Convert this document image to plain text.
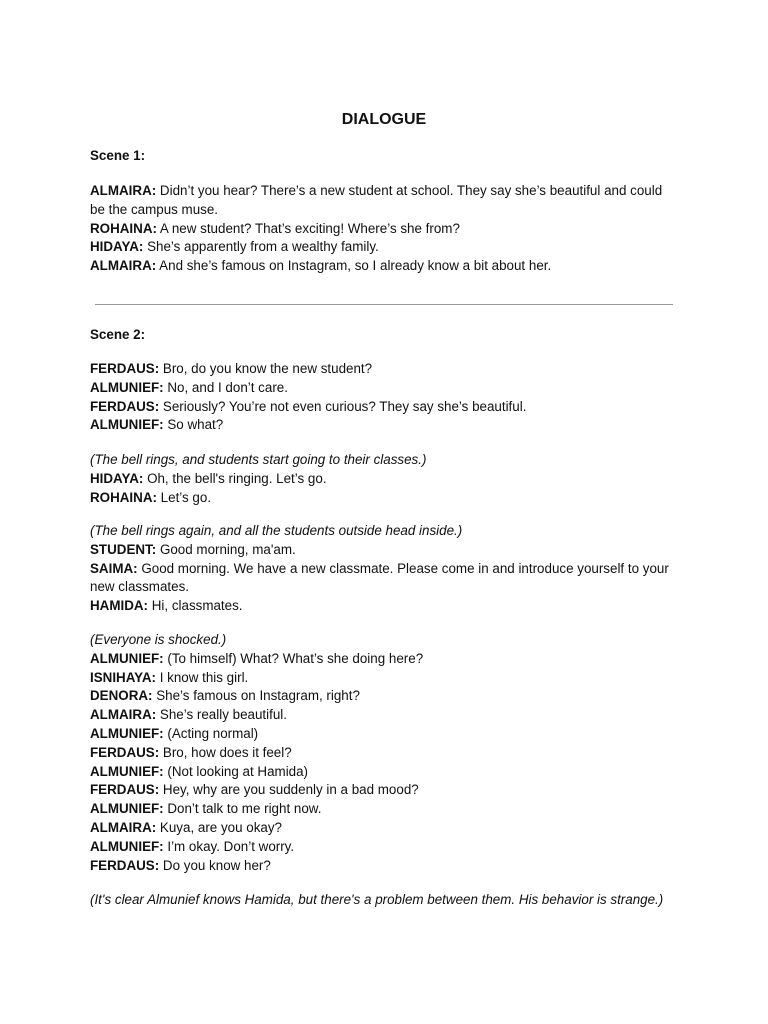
DIALOGUE

Scene 1:

ALMAIRA: Didn’t you hear? There’s a new student at school. They say she’s beautiful and could be the campus muse.

ROHAINA: A new student? That’s exciting! Where’s she from?

HIDAYA: She’s apparently from a wealthy family.

ALMAIRA: And she’s famous on Instagram, so I already know a bit about her.

Scene 2:

FERDAUS: Bro, do you know the new student?

ALMUNIEF: No, and I don’t care.

FERDAUS: Seriously? You’re not even curious? They say she’s beautiful.

ALMUNIEF: So what?

(The bell rings, and students start going to their classes.)

HIDAYA: Oh, the bell's ringing. Let’s go.

ROHAINA: Let’s go.

(The bell rings again, and all the students outside head inside.)

STUDENT: Good morning, ma'am.

SAIMA: Good morning. We have a new classmate. Please come in and introduce yourself to your new classmates.

HAMIDA: Hi, classmates.

(Everyone is shocked.)

ALMUNIEF: (To himself) What? What’s she doing here?

ISNIHAYA: I know this girl.

DENORA: She’s famous on Instagram, right?

ALMAIRA: She’s really beautiful.

ALMUNIEF: (Acting normal)

FERDAUS: Bro, how does it feel?

ALMUNIEF: (Not looking at Hamida)

FERDAUS: Hey, why are you suddenly in a bad mood?

ALMUNIEF: Don’t talk to me right now.

ALMAIRA: Kuya, are you okay?

ALMUNIEF: I’m okay. Don’t worry.

FERDAUS: Do you know her?

(It's clear Almunief knows Hamida, but there's a problem between them. His behavior is strange.)
